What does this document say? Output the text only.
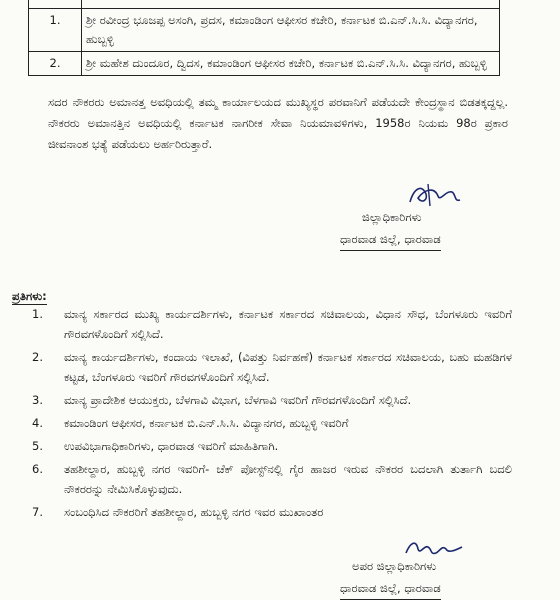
1.	ಶ್ರೀ ರವೀಂದ್ರ ಭೂಜಪ್ಪ ಅಸಂಗಿ, ಪ್ರದಸ, ಕಮಾಂಡಿಂಗ ಆಫೀಸರ ಕಚೇರಿ, ಕರ್ನಾಟಕ ಬಿ.ಎನ್.ಸಿ.ಸಿ. ವಿದ್ಯಾನಗರ, ಹುಬ್ಬಳ್ಳಿ
2.	ಶ್ರೀ ಮಹೇಶ ದುಂದೂರ, ದ್ವಿದಸ, ಕಮಾಂಡಿಂಗ ಆಫೀಸರ ಕಚೇರಿ, ಕರ್ನಾಟಕ ಬಿ.ಎನ್.ಸಿ.ಸಿ. ವಿದ್ಯಾನಗರ, ಹುಬ್ಬಳ್ಳಿ
ಸದರ ನೌಕರರು ಅಮಾನತ್ತ ಅವಧಿಯಲ್ಲಿ ತಮ್ಮ ಕಾರ್ಯಾಲಯದ ಮುಖ್ಯಸ್ಥರ ಪರವಾನಿಗೆ ಪಡೆಯದೇ ಕೇಂದ್ರಸ್ಥಾನ ಬಿಡತಕ್ಕದ್ದಲ್ಲ. ನೌಕರರು ಅಮಾನತ್ತಿನ ಅವಧಿಯಲ್ಲಿ ಕರ್ನಾಟಕ ನಾಗರೀಕ ಸೇವಾ ನಿಯಮಾವಳಿಗಳು, 1958ರ ನಿಯಮ 98ರ ಪ್ರಕಾರ ಜೀವನಾಂಶ ಭತ್ಯೆ ಪಡೆಯಲು ಅರ್ಹರಿರುತ್ತಾರೆ.
ಜಿಲ್ಲಾಧಿಕಾರಿಗಳು
ಧಾರವಾಡ ಜಿಲ್ಲೆ, ಧಾರವಾಡ
ಪ್ರತಿಗಳು:
1.	ಮಾನ್ಯ ಸರ್ಕಾರದ ಮುಖ್ಯ ಕಾರ್ಯದರ್ಶಿಗಳು, ಕರ್ನಾಟಕ ಸರ್ಕಾರದ ಸಚಿವಾಲಯ, ವಿಧಾನ ಸೌಧ, ಬೆಂಗಳೂರು ಇವರಿಗೆ ಗೌರವಗಳೊಂದಿಗೆ ಸಲ್ಲಿಸಿದೆ.
2.	ಮಾನ್ಯ ಕಾರ್ಯದರ್ಶಿಗಳು, ಕಂದಾಯ ಇಲಾಖೆ, (ವಿಪತ್ತು ನಿರ್ವಹಣೆ) ಕರ್ನಾಟಕ ಸರ್ಕಾರದ ಸಚಿವಾಲಯ, ಬಹು ಮಹಡಿಗಳ ಕಟ್ಟಡ, ಬೆಂಗಳೂರು ಇವರಿಗೆ ಗೌರವಗಳೊಂದಿಗೆ ಸಲ್ಲಿಸಿದೆ.
3.	ಮಾನ್ಯ ಪ್ರಾದೇಶಿಕ ಆಯುಕ್ತರು, ಬೆಳಗಾವಿ ವಿಭಾಗ, ಬೆಳಗಾವಿ ಇವರಿಗೆ ಗೌರವಗಳೊಂದಿಗೆ ಸಲ್ಲಿಸಿದೆ.
4.	ಕಮಾಂಡಿಂಗ ಆಫೀಸರ, ಕರ್ನಾಟಕ ಬಿ.ಎನ್.ಸಿ.ಸಿ. ವಿದ್ಯಾನಗರ, ಹುಬ್ಬಳ್ಳಿ ಇವರಿಗೆ
5.	ಉಪವಿಭಾಗಾಧಿಕಾರಿಗಳು, ಧಾರವಾಡ ಇವರಿಗೆ ಮಾಹಿತಿಗಾಗಿ.
6.	ತಹಶೀಲ್ದಾರ, ಹುಬ್ಬಳ್ಳಿ ನಗರ ಇವರಿಗೆ- ಚೆಕ್ ಪೋಸ್ಟ್‌ನಲ್ಲಿ ಗೈರ ಹಾಜರ ಇರುವ ನೌಕರರ ಬದಲಾಗಿ ತುರ್ತಾಗಿ ಬದಲಿ ನೌಕರರನ್ನು ನೇಮಿಸಿಕೊಳ್ಳುವುದು.
7.	ಸಂಬಂಧಿಸಿದ ನೌಕರರಿಗೆ ತಹಶೀಲ್ದಾರ, ಹುಬ್ಬಳ್ಳಿ ನಗರ ಇವರ ಮುಖಾಂತರ
ಅಪರ ಜಿಲ್ಲಾಧಿಕಾರಿಗಳು
ಧಾರವಾಡ ಜಿಲ್ಲೆ, ಧಾರವಾಡ
